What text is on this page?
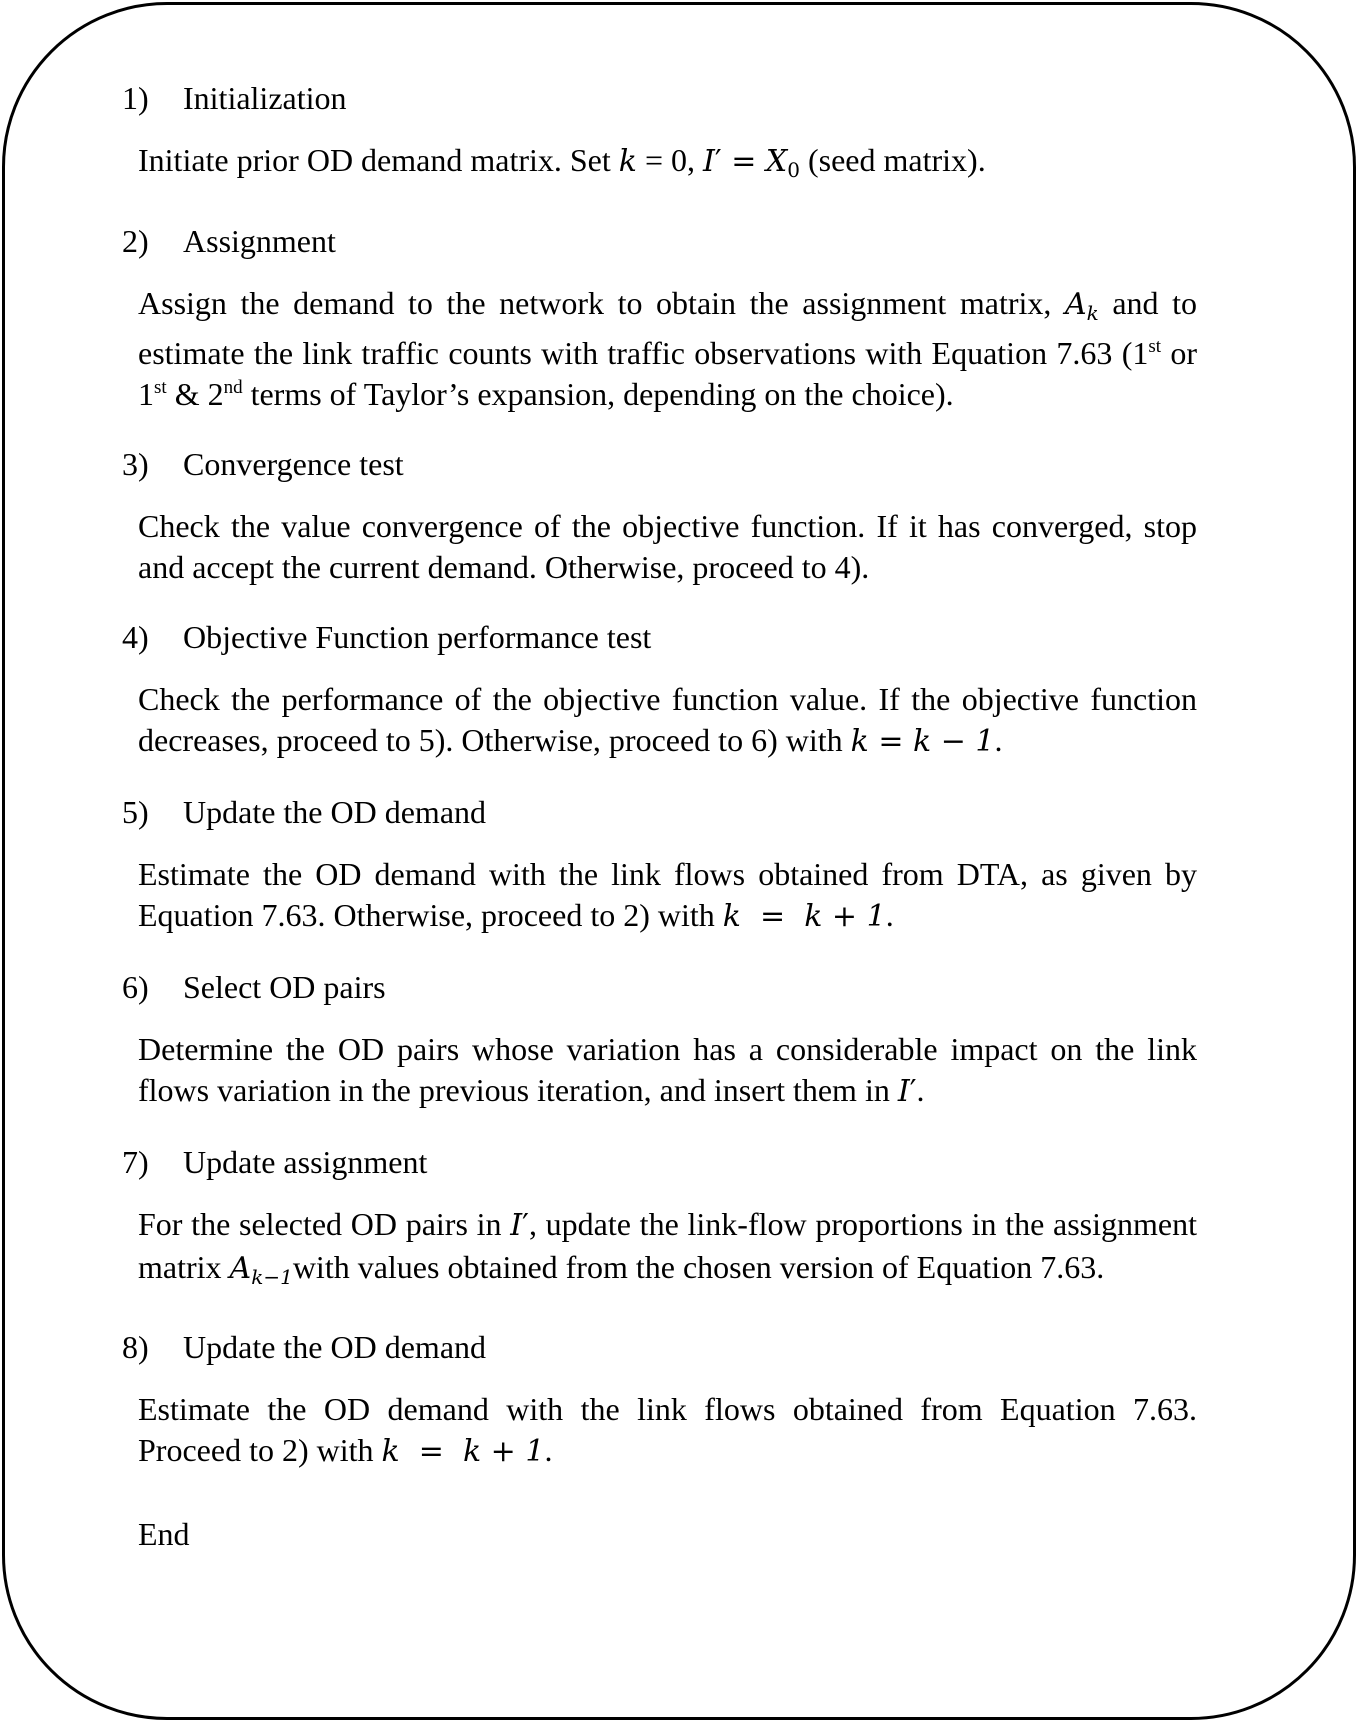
1)	Initialization

Initiate prior OD demand matrix. Set k = 0, $I' = X_0$ (seed matrix).

2)	Assignment

Assign the demand to the network to obtain the assignment matrix, $A_k$ and to estimate the link traffic counts with traffic observations with Equation 7.63 (1st or 1st & 2nd terms of Taylor’s expansion, depending on the choice).

3)	Convergence test

Check the value convergence of the objective function. If it has converged, stop and accept the current demand. Otherwise, proceed to 4).

4)	Objective Function performance test

Check the performance of the objective function value. If the objective function decreases, proceed to 5). Otherwise, proceed to 6) with k = k − 1.

5)	Update the OD demand

Estimate the OD demand with the link flows obtained from DTA, as given by Equation 7.63. Otherwise, proceed to 2) with k  =  k + 1.

6)	Select OD pairs

Determine the OD pairs whose variation has a considerable impact on the link flows variation in the previous iteration, and insert them in I′.

7)	Update assignment

For the selected OD pairs in I′, update the link-flow proportions in the assignment matrix $A_{k-1}with$ values obtained from the chosen version of Equation 7.63.

8)	Update the OD demand

Estimate the OD demand with the link flows obtained from Equation 7.63. Proceed to 2) with k  =  k + 1.

End
